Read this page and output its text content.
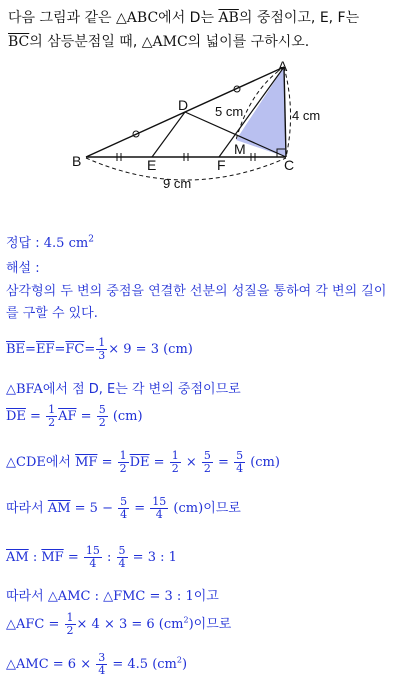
다음 그림과 같은 △ABC에서 D는 $\overline{AB}$의 중점이고, E, F는
$\overline{BC}$의 삼등분점일 때, △AMC의 넓이를 구하시오.
A
B	C
D
E	F
M
5 cm	4 cm
9 cm
정답 : 4.5 $cm^2$
해설 :
삼각형의 두 변의 중점을 연결한 선분의 성질을 통하여 각 변의 길이를 구할 수 있다.
$\overline{BE}=\overline{EF}=\overline{FC}= \frac{1}{3} \times 9 = 3$ (cm)
△BFA에서 점 D, E는 각 변의 중점이므로
$\overline{DE} = \frac{1}{2} \overline{AF} = \frac{5}{2} (cm)$
△CDE에서 $\overline{MF} = \frac{1}{2} \overline{DE} = \frac{1}{2} \times \frac{5}{2} = \frac{5}{4} (cm)$
따라서 $\overline{AM} = 5 - \frac{5}{4} = \frac{15}{4} (cm)$이므로
$\overline{AM}$ : $\overline{MF} = \frac{15}{4}$ : $\frac{5}{4} = 3$ : 1
따라서 △AMC : △FMC = 3 : 1이고
△AFC = $\frac{1}{2} \times 4 \times 3 = 6$ $(cm^2)$이므로
△AMC = $6 \times \frac{3}{4} = 4.5$ $(cm^2)$
